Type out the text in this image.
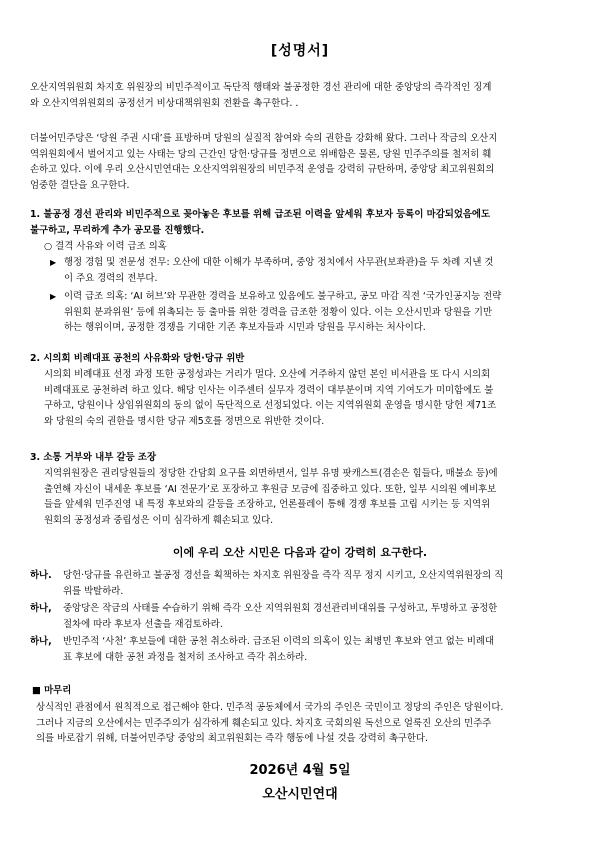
[성명서]
오산지역위원회 차지호 위원장의 비민주적이고 독단적 행태와 불공정한 경선 관리에 대한 중앙당의 즉각적인 징계
와 오산지역위원회의 공정선거 비상대책위원회 전환을 촉구한다. .
더불어민주당은 ‘당원 주권 시대’를 표방하며 당원의 실질적 참여와 숙의 권한을 강화해 왔다. 그러나 작금의 오산지
역위원회에서 벌어지고 있는 사태는 당의 근간인 당헌·당규를 정면으로 위배함은 물론, 당원 민주주의를 철저히 훼
손하고 있다. 이에 우리 오산시민연대는 오산지역위원장의 비민주적 운영을 강력히 규탄하며, 중앙당 최고위원회의
엄중한 결단을 요구한다.
1. 불공정 경선 관리와 비민주적으로 꽂아놓은 후보를 위해 급조된 이력을 앞세워 후보자 등록이 마감되었음에도
불구하고, 무리하게 추가 공모를 진행했다.
○ 결격 사유와 이력 급조 의혹
▶ 행정 경험 및 전문성 전무: 오산에 대한 이해가 부족하며, 중앙 정치에서 사무관(보좌관)을 두 차례 지낸 것
이 주요 경력의 전부다.
▶ 이력 급조 의혹: ‘AI 허브’와 무관한 경력을 보유하고 있음에도 불구하고, 공모 마감 직전 ‘국가인공지능 전략
위원회 분과위원’ 등에 위촉되는 등 출마를 위한 경력을 급조한 정황이 있다. 이는 오산시민과 당원을 기만
하는 행위이며, 공정한 경쟁을 기대한 기존 후보자들과 시민과 당원을 무시하는 처사이다.
2. 시의회 비례대표 공천의 사유화와 당헌·당규 위반
시의회 비례대표 선정 과정 또한 공정성과는 거리가 멀다. 오산에 거주하지 않던 본인 비서관을 또 다시 시의회
비례대표로 공천하려 하고 있다. 해당 인사는 이주센터 실무자 경력이 대부분이며 지역 기여도가 미미함에도 불
구하고, 당원이나 상임위원회의 동의 없이 독단적으로 선정되었다. 이는 지역위원회 운영을 명시한 당헌 제71조
와 당원의 숙의 권한을 명시한 당규 제5호를 정면으로 위반한 것이다.
3. 소통 거부와 내부 갈등 조장
지역위원장은 권리당원들의 정당한 간담회 요구를 외면하면서, 일부 유명 팟캐스트(겸손은 힘들다, 매불쇼 등)에
출연해 자신이 내세운 후보를 ‘AI 전문가’로 포장하고 후원금 모금에 집중하고 있다. 또한, 일부 시의원 예비후보
들을 앞세워 민주진영 내 특정 후보와의 갈등을 조장하고, 언론플레이 통해 경쟁 후보를 고립 시키는 등 지역위
원회의 공정성과 중립성은 이미 심각하게 훼손되고 있다.
이에 우리 오산 시민은 다음과 같이 강력히 요구한다.
하나. 당헌·당규를 유린하고 불공정 경선을 획책하는 차지호 위원장을 즉각 직무 정지 시키고, 오산지역위원장의 직
위를 박탈하라.
하나, 중앙당은 작금의 사태를 수습하기 위해 즉각 오산 지역위원회 경선관리비대위를 구성하고, 투명하고 공정한
절차에 따라 후보자 선출을 재검토하라.
하나, 반민주적 ‘사천’ 후보들에 대한 공천 취소하라. 급조된 이력의 의혹이 있는 최병민 후보와 연고 없는 비례대
표 후보에 대한 공천 과정을 철저히 조사하고 즉각 취소하라.
■ 마무리
상식적인 관점에서 원칙적으로 접근해야 한다. 민주적 공동체에서 국가의 주인은 국민이고 정당의 주인은 당원이다.
그러나 지금의 오산에서는 민주주의가 심각하게 훼손되고 있다. 차지호 국회의원 독선으로 얼룩진 오산의 민주주
의를 바로잡기 위해, 더불어민주당 중앙의 최고위원회는 즉각 행동에 나설 것을 강력히 촉구한다.
2026년 4월 5일
오산시민연대
